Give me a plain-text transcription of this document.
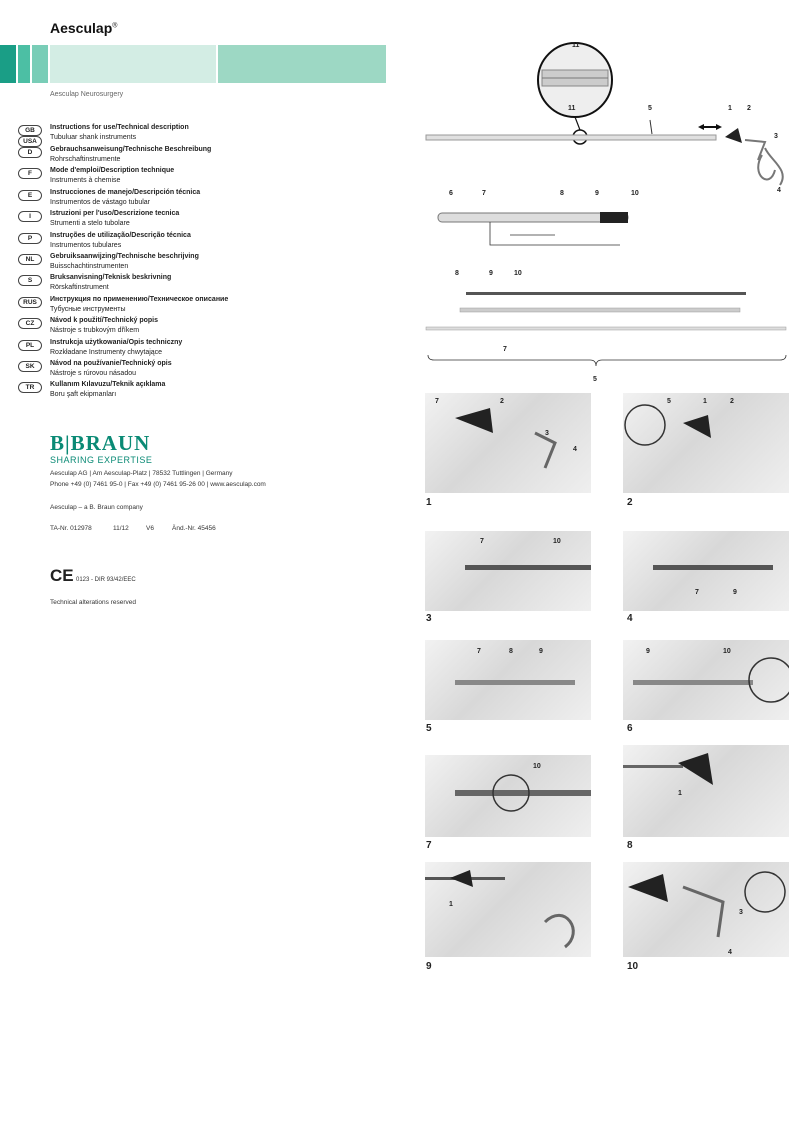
Aesculap®
Aesculap Neurosurgery
GB
USA
Instructions for use/Technical description
Tubuluar shank instruments
D	Gebrauchsanweisung/Technische Beschreibung
Rohrschaftinstrumente
F	Mode d'emploi/Description technique
Instruments à chemise
E	Instrucciones de manejo/Descripción técnica
Instrumentos de vástago tubular
I	Istruzioni per l'uso/Descrizione tecnica
Strumenti a stelo tubolare
P	Instruções de utilização/Descrição técnica
Instrumentos tubulares
NL	Gebruiksaanwijzing/Technische beschrijving
Buisschachtinstrumenten
S	Bruksanvisning/Teknisk beskrivning
Rörskaftinstrument
RUS	Инструкция по применению/Техническое описание
Тубусные инструменты
CZ	Návod k použití/Technický popis
Nástroje s trubkovým dříkem
PL	Instrukcja użytkowania/Opis techniczny
Rozkładane Instrumenty chwytające
SK	Návod na používanie/Technický opis
Nástroje s rúrovou násadou
TR	Kullanım Kılavuzu/Teknik açıklama
Boru şaft ekipmanları
B|BRAUN
SHARING EXPERTISE
Aesculap AG | Am Aesculap-Platz | 78532 Tuttlingen | Germany
Phone +49 (0) 7461 95-0 | Fax +49 (0) 7461 95-26 00 | www.aesculap.com
Aesculap – a B. Braun company
TA-Nr. 012978	11/12	V6	Änd.-Nr. 45456
CE 0123 - DIR 93/42/EEC
Technical alterations reserved
11
11	5	1 2
3
4
6	7	8	9	10
8	9	10
7
5
7	2
3
4
1
5	1	2
2
7	10
3
7	9
4
7	8	9
5
9	10
6
10
7
1
8
1
9
3
4
10
